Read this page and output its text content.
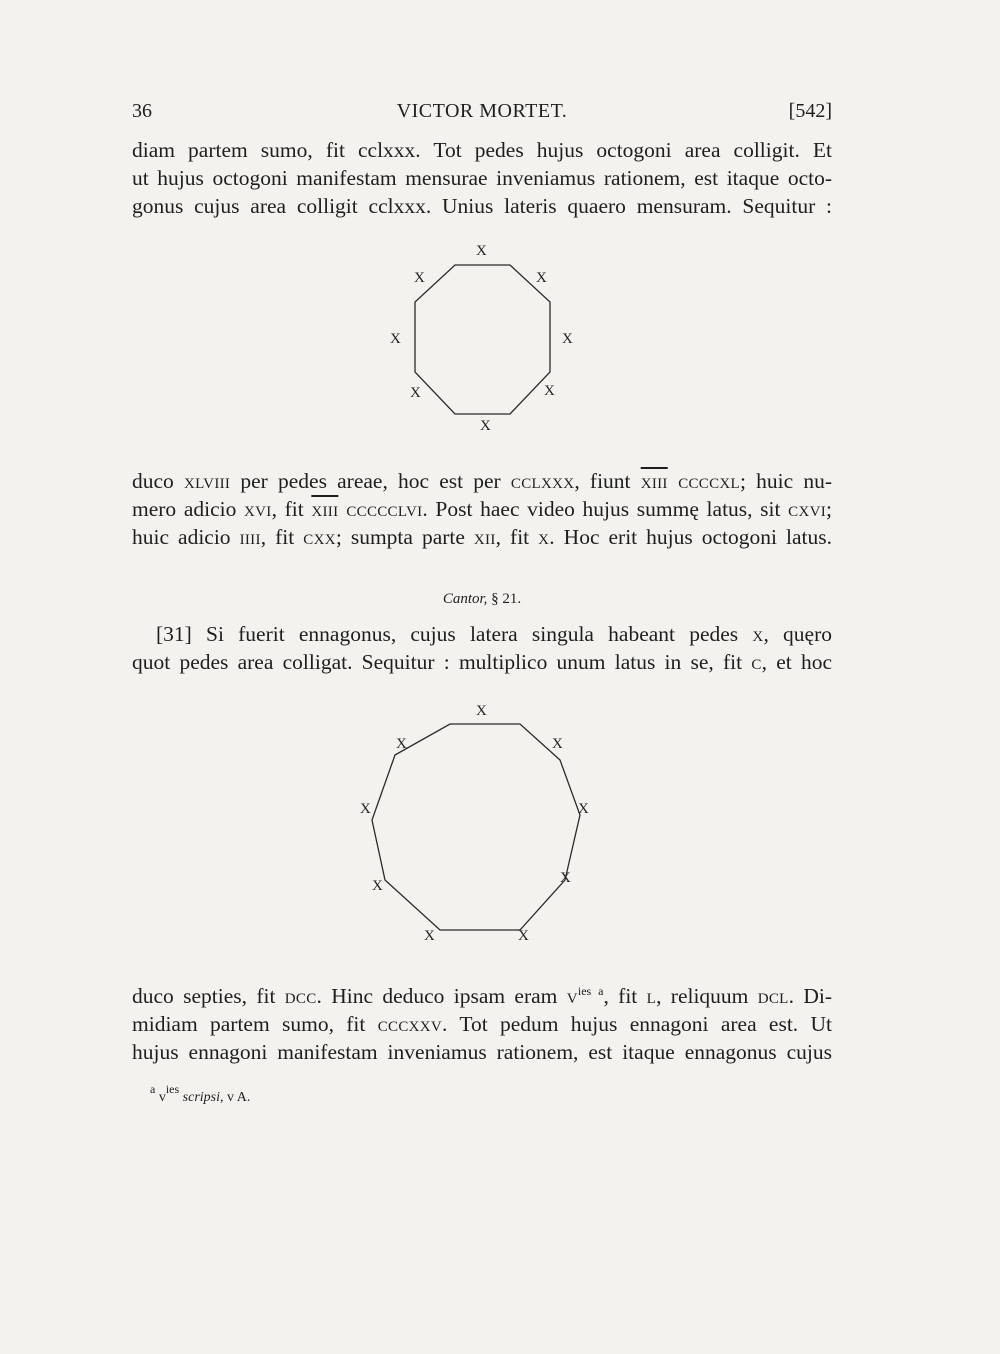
36	VICTOR MORTET.	[542]

diam partem sumo, fit cclxxx. Tot pedes hujus octogoni area colligit. Et
ut hujus octogoni manifestam mensurae inveniamus rationem, est itaque octo-
gonus cujus area colligit cclxxx. Unius lateris quaero mensuram. Sequitur :

X
X	X
X	X
X	X
X

duco xlviii per pedes areae, hoc est per cclxxx, fiunt xiii ccccxl; huic nu-
mero adicio xvi, fit xiii ccccclvi. Post haec video hujus summę latus, sit cxvi;
huic adicio iiii, fit cxx; sumpta parte xii, fit x. Hoc erit hujus octogoni latus.

Cantor, § 21.

[31] Si fuerit ennagonus, cujus latera singula habeant pedes x, quęro
quot pedes area colligat. Sequitur : multiplico unum latus in se, fit c, et hoc

X
X	X
X	X
X	X
X	X

duco septies, fit dcc. Hinc deduco ipsam eram $v^{ies a}$, fit l, reliquum dcl. Di-
midiam partem sumo, fit cccxxv. Tot pedum hujus ennagoni area est. Ut
hujus ennagoni manifestam inveniamus rationem, est itaque ennagonus cujus

$^a$ $v^{ies}$ scripsi, v A.
